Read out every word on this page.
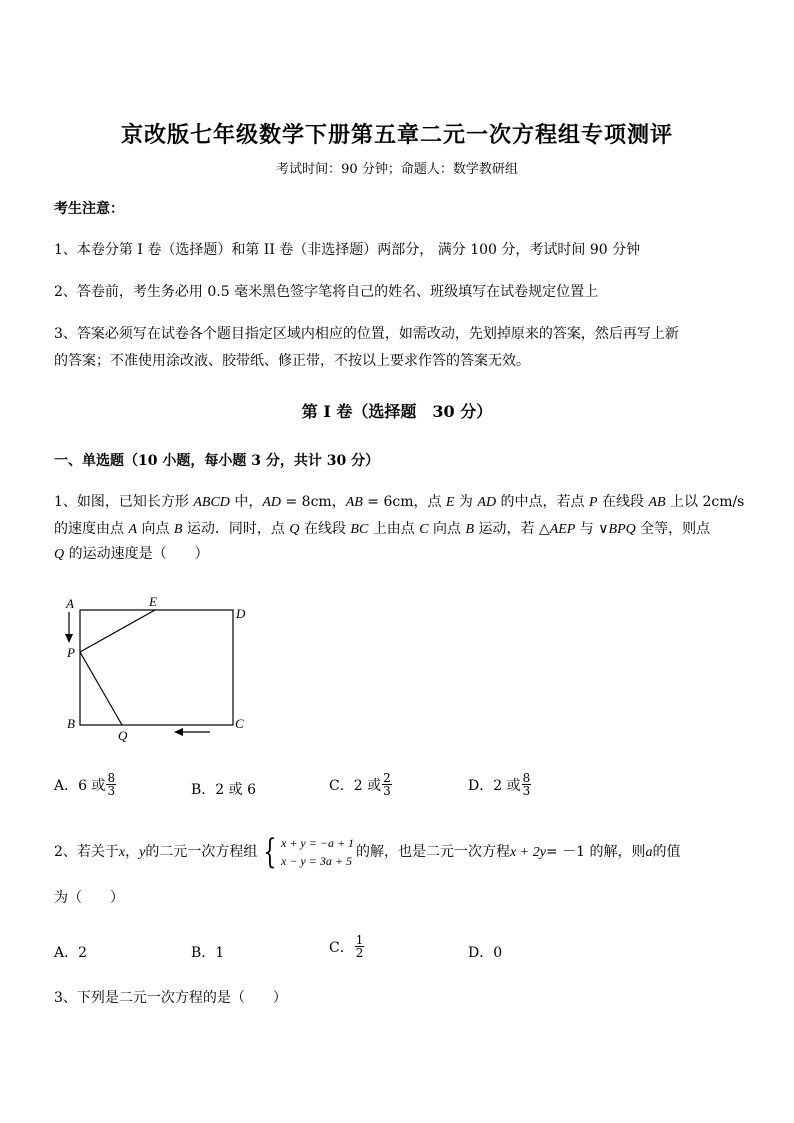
京改版七年级数学下册第五章二元一次方程组专项测评
考试时间：90 分钟；命题人：数学教研组
考生注意：
1、本卷分第 I 卷（选择题）和第 II 卷（非选择题）两部分， 满分 100 分，考试时间 90 分钟
2、答卷前，考生务必用 0.5 毫米黑色签字笔将自己的姓名、班级填写在试卷规定位置上
3、答案必须写在试卷各个题目指定区域内相应的位置，如需改动，先划掉原来的答案，然后再写上新
的答案；不准使用涂改液、胶带纸、修正带，不按以上要求作答的答案无效。
第 I 卷（选择题　30 分）
一、单选题（10 小题，每小题 3 分，共计 30 分）
1、如图，已知长方形 ABCD 中，AD = 8cm，AB = 6cm，点 E 为 AD 的中点，若点 P 在线段 AB 上以 2cm/s
的速度由点 A 向点 B 运动．同时，点 Q 在线段 BC 上由点 C 向点 B 运动，若 △AEP 与 ∨BPQ 全等，则点
Q 的运动速度是（　　）
A	E
D
P
B
Q
C
A．6 或 $\frac{8}{3}$	B．2 或 6	C．2 或 $\frac{2}{3}$	D．2 或 $\frac{8}{3}$
2、若关于 x ， y 的二元一次方程组 { x + y = −a + 1
x − y = 3a + 5
的解，也是二元一次方程 x + 2y = －1 的解，则 a 的值
为（　　）
A．2	B．1	C． $\frac{1}{2}$	D．0
3、下列是二元一次方程的是（　　）
